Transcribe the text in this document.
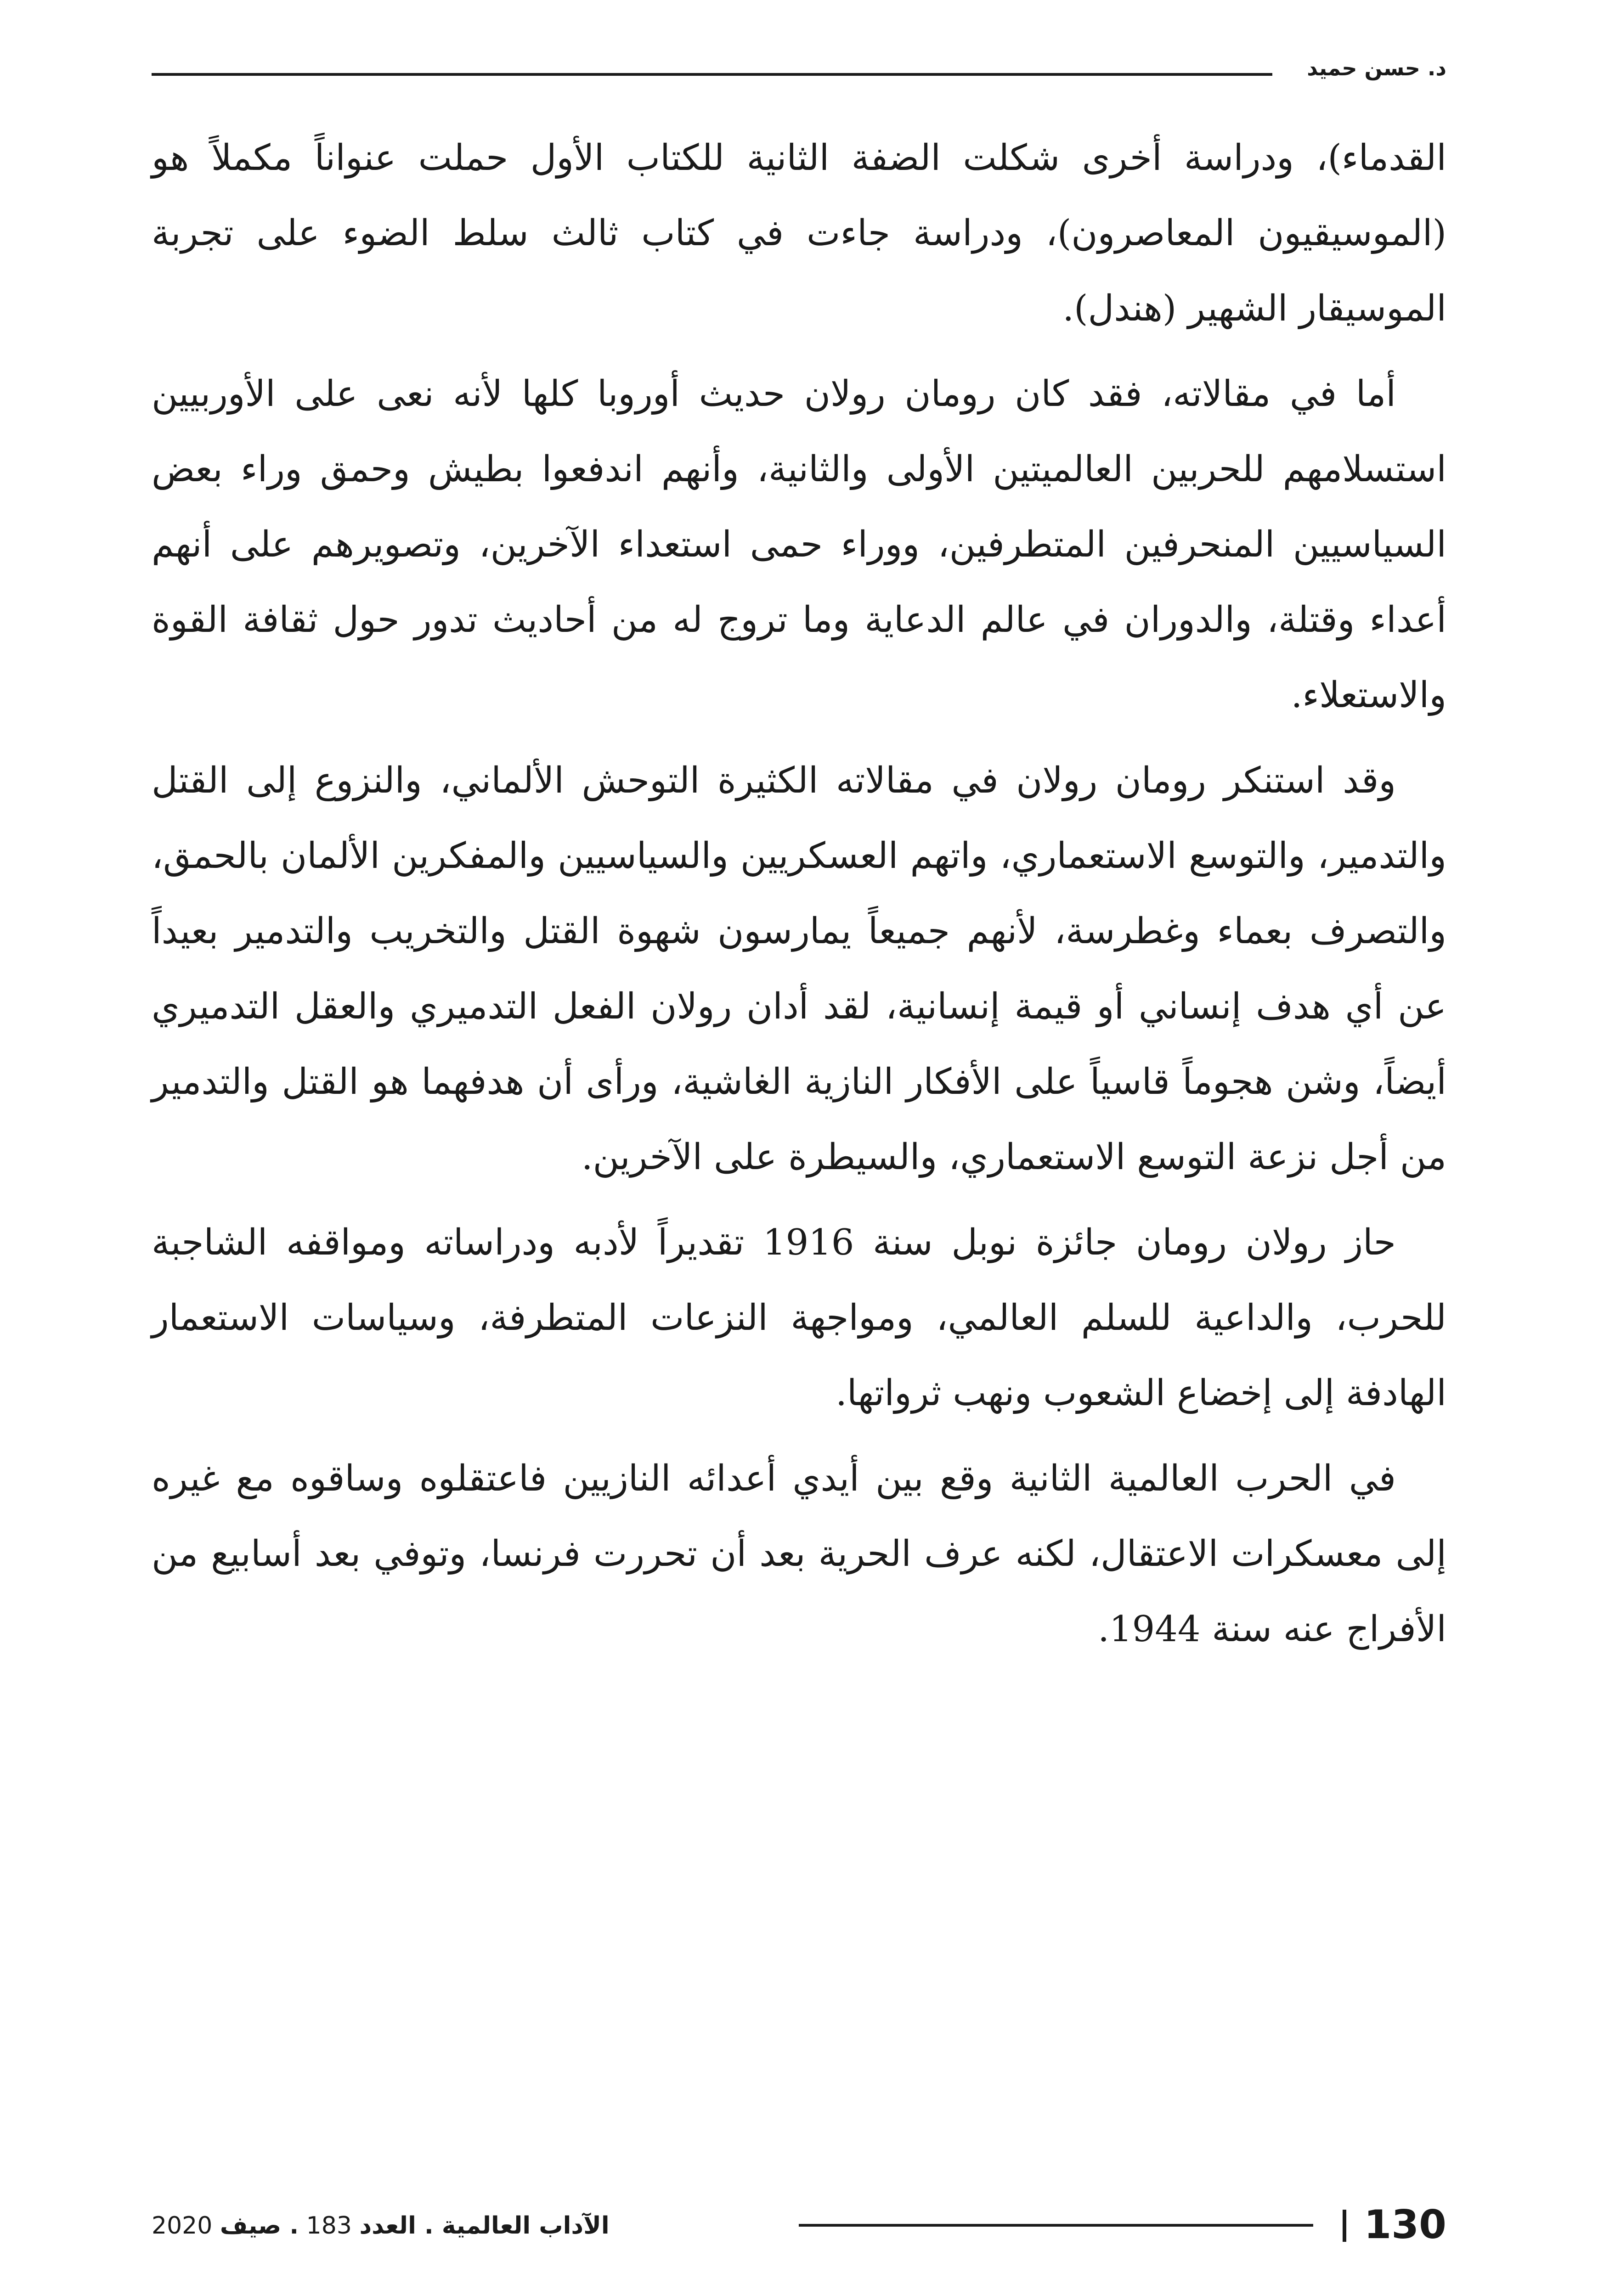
د. حسن حميد

القدماء)، ودراسة أخرى شكلت الضفة الثانية للكتاب الأول حملت عنواناً مكملاً هو (الموسيقيون المعاصرون)، ودراسة جاءت في كتاب ثالث سلط الضوء على تجربة الموسيقار الشهير (هندل).

أما في مقالاته، فقد كان رومان رولان حديث أوروبا كلها لأنه نعى على الأوربيين استسلامهم للحربين العالميتين الأولى والثانية، وأنهم اندفعوا بطيش وحمق وراء بعض السياسيين المنحرفين المتطرفين، ووراء حمى استعداء الآخرين، وتصويرهم على أنهم أعداء وقتلة، والدوران في عالم الدعاية وما تروج له من أحاديث تدور حول ثقافة القوة والاستعلاء.

وقد استنكر رومان رولان في مقالاته الكثيرة التوحش الألماني، والنزوع إلى القتل والتدمير، والتوسع الاستعماري، واتهم العسكريين والسياسيين والمفكرين الألمان بالحمق، والتصرف بعماء وغطرسة، لأنهم جميعاً يمارسون شهوة القتل والتخريب والتدمير بعيداً عن أي هدف إنساني أو قيمة إنسانية، لقد أدان رولان الفعل التدميري والعقل التدميري أيضاً، وشن هجوماً قاسياً على الأفكار النازية الغاشية، ورأى أن هدفهما هو القتل والتدمير من أجل نزعة التوسع الاستعماري، والسيطرة على الآخرين.

حاز رولان رومان جائزة نوبل سنة 1916 تقديراً لأدبه ودراساته ومواقفه الشاجبة للحرب، والداعية للسلم العالمي، ومواجهة النزعات المتطرفة، وسياسات الاستعمار الهادفة إلى إخضاع الشعوب ونهب ثرواتها.

في الحرب العالمية الثانية وقع بين أيدي أعدائه النازيين فاعتقلوه وساقوه مع غيره إلى معسكرات الاعتقال، لكنه عرف الحرية بعد أن تحررت فرنسا، وتوفي بعد أسابيع من الأفراج عنه سنة 1944.

130
الآداب العالمية . العدد 183 . صيف 2020
